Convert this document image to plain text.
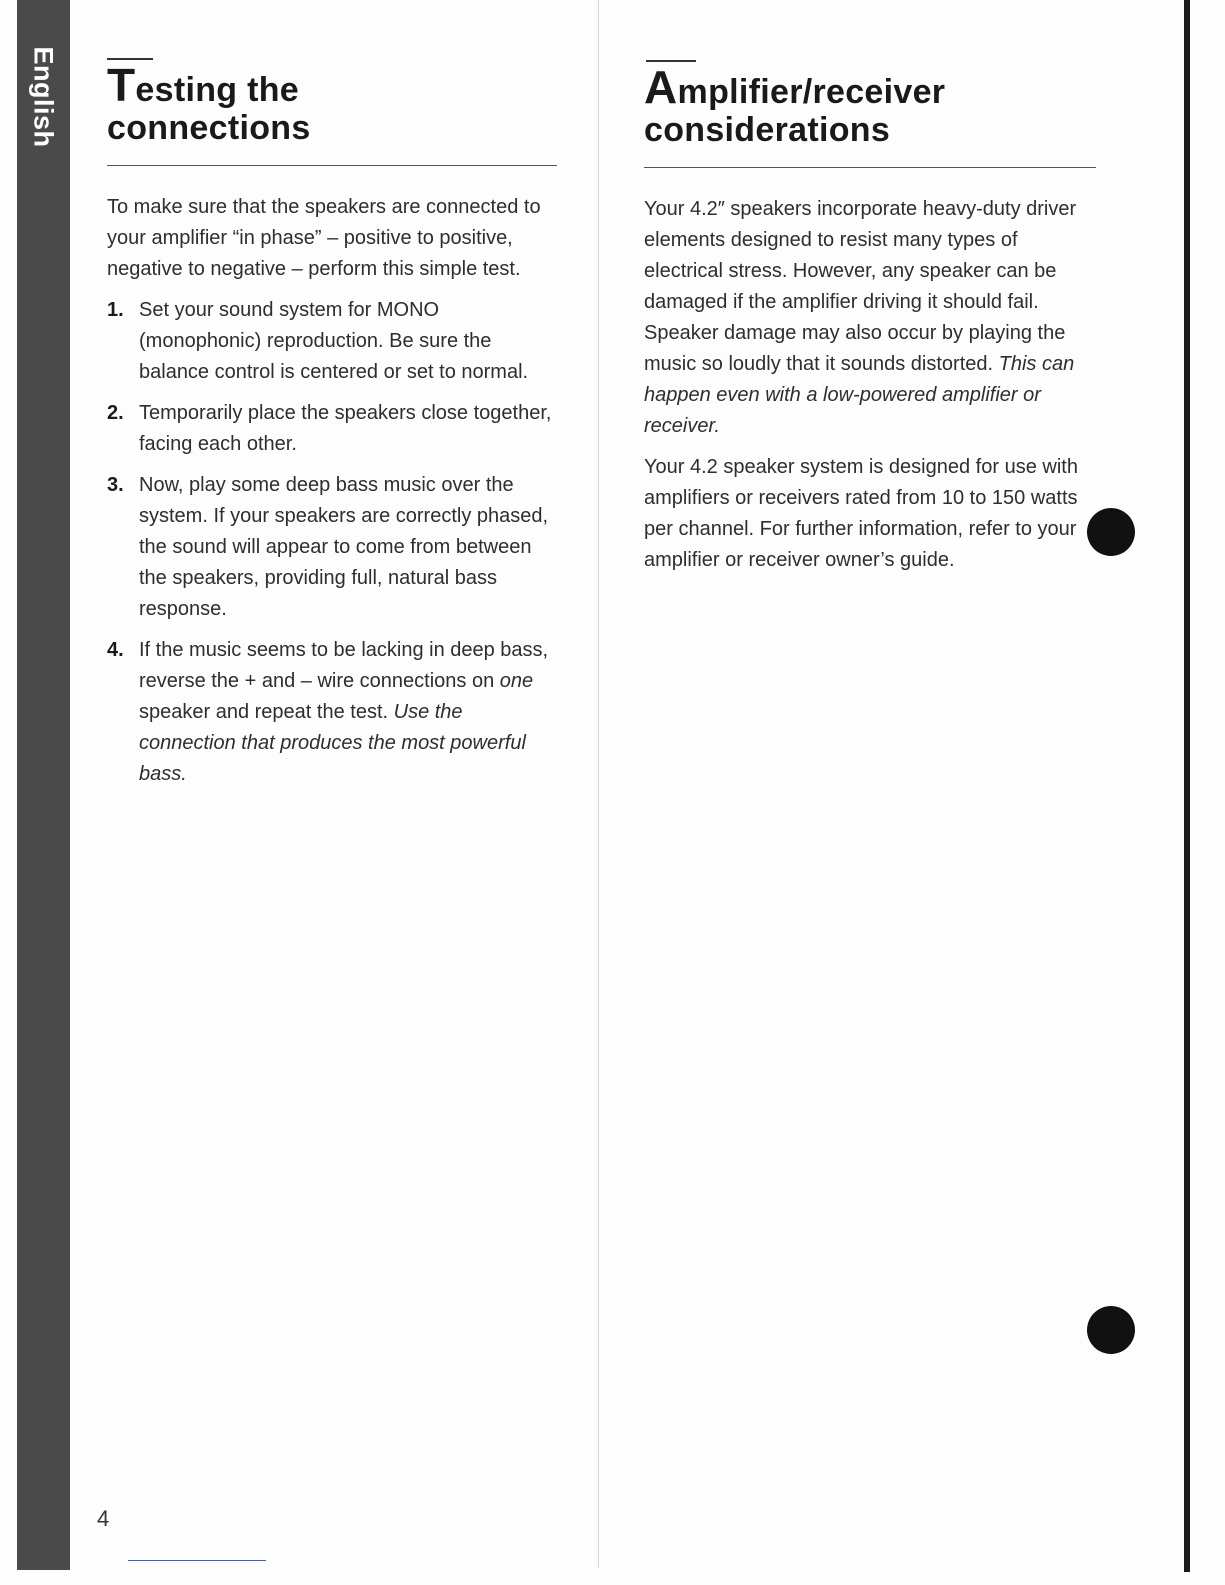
English Testing the
connections

To make sure that the speakers are connected to your amplifier “in phase” – positive to positive, negative to negative – perform this simple test.

1. Set your sound system for MONO (monophonic) reproduction. Be sure the balance control is centered or set to normal.
2. Temporarily place the speakers close together, facing each other.
3. Now, play some deep bass music over the system. If your speakers are correctly phased, the sound will appear to come from between the speakers, providing full, natural bass response.
4. If the music seems to be lacking in deep bass, reverse the + and – wire connections on one speaker and repeat the test. Use the connection that produces the most powerful bass.
Amplifier/receiver
considerations

Your 4.2″ speakers incorporate heavy-duty driver elements designed to resist many types of electrical stress. However, any speaker can be damaged if the amplifier driving it should fail. Speaker damage may also occur by playing the music so loudly that it sounds distorted. This can happen even with a low-powered amplifier or receiver.

Your 4.2 speaker system is designed for use with amplifiers or receivers rated from 10 to 150 watts per channel. For further information, refer to your amplifier or receiver owner’s guide.

4
